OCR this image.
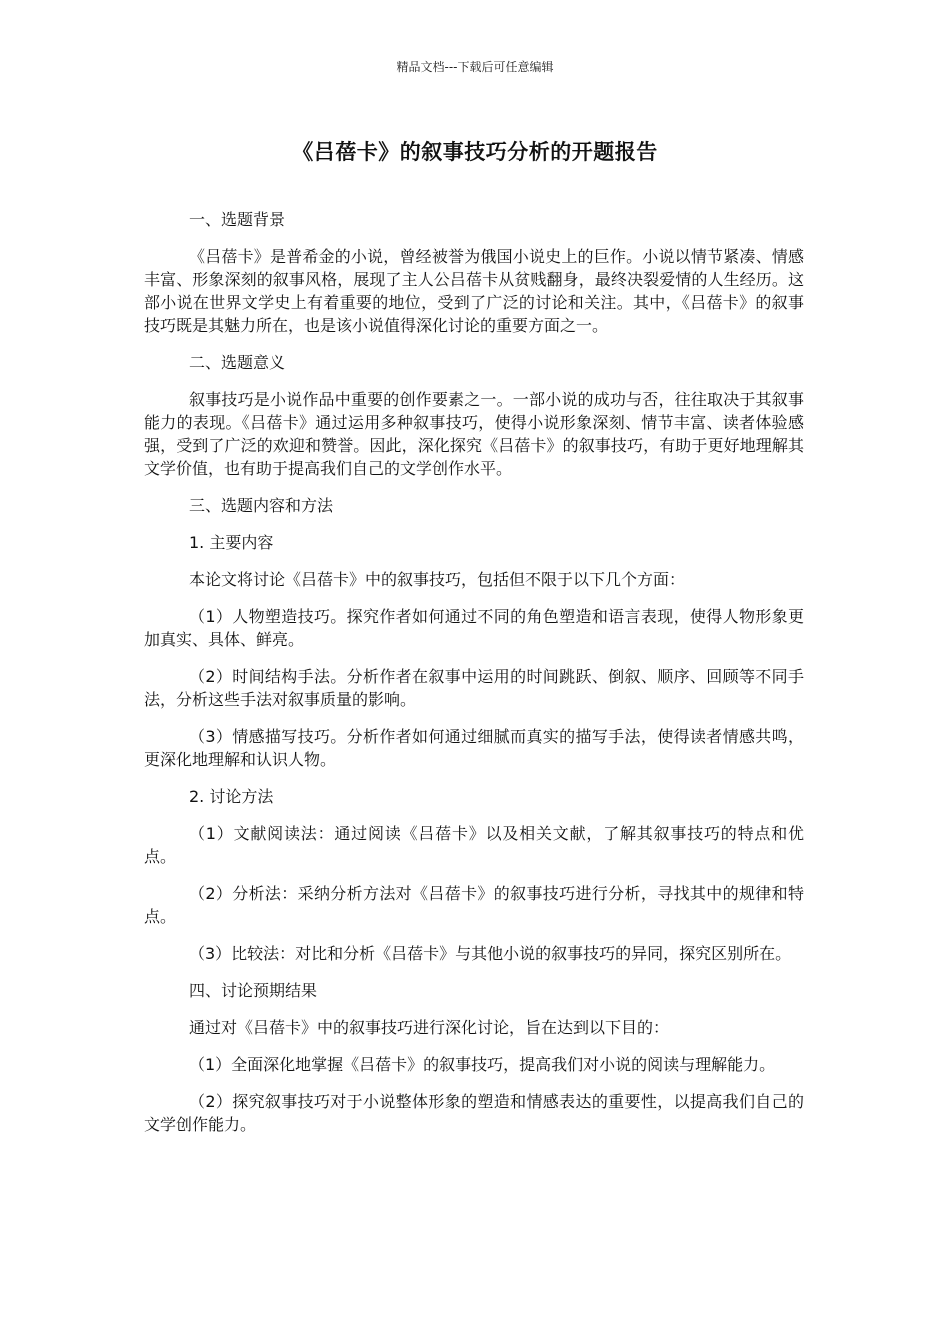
精品文档---下载后可任意编辑
《吕蓓卡》的叙事技巧分析的开题报告

一、选题背景

《吕蓓卡》是普希金的小说，曾经被誉为俄国小说史上的巨作。小说以情节紧凑、情感丰富、形象深刻的叙事风格，展现了主人公吕蓓卡从贫贱翻身，最终决裂爱情的人生经历。这部小说在世界文学史上有着重要的地位，受到了广泛的讨论和关注。其中，《吕蓓卡》的叙事技巧既是其魅力所在，也是该小说值得深化讨论的重要方面之一。

二、选题意义

叙事技巧是小说作品中重要的创作要素之一。一部小说的成功与否，往往取决于其叙事能力的表现。《吕蓓卡》通过运用多种叙事技巧，使得小说形象深刻、情节丰富、读者体验感强，受到了广泛的欢迎和赞誉。因此，深化探究《吕蓓卡》的叙事技巧，有助于更好地理解其文学价值，也有助于提高我们自己的文学创作水平。

三、选题内容和方法

1. 主要内容

本论文将讨论《吕蓓卡》中的叙事技巧，包括但不限于以下几个方面：

（1）人物塑造技巧。探究作者如何通过不同的角色塑造和语言表现，使得人物形象更加真实、具体、鲜亮。

（2）时间结构手法。分析作者在叙事中运用的时间跳跃、倒叙、顺序、回顾等不同手法，分析这些手法对叙事质量的影响。

（3）情感描写技巧。分析作者如何通过细腻而真实的描写手法，使得读者情感共鸣，更深化地理解和认识人物。

2. 讨论方法

（1）文献阅读法：通过阅读《吕蓓卡》以及相关文献，了解其叙事技巧的特点和优点。

（2）分析法：采纳分析方法对《吕蓓卡》的叙事技巧进行分析，寻找其中的规律和特点。

（3）比较法：对比和分析《吕蓓卡》与其他小说的叙事技巧的异同，探究区别所在。

四、讨论预期结果

通过对《吕蓓卡》中的叙事技巧进行深化讨论，旨在达到以下目的：

（1）全面深化地掌握《吕蓓卡》的叙事技巧，提高我们对小说的阅读与理解能力。

（2）探究叙事技巧对于小说整体形象的塑造和情感表达的重要性，以提高我们自己的文学创作能力。
